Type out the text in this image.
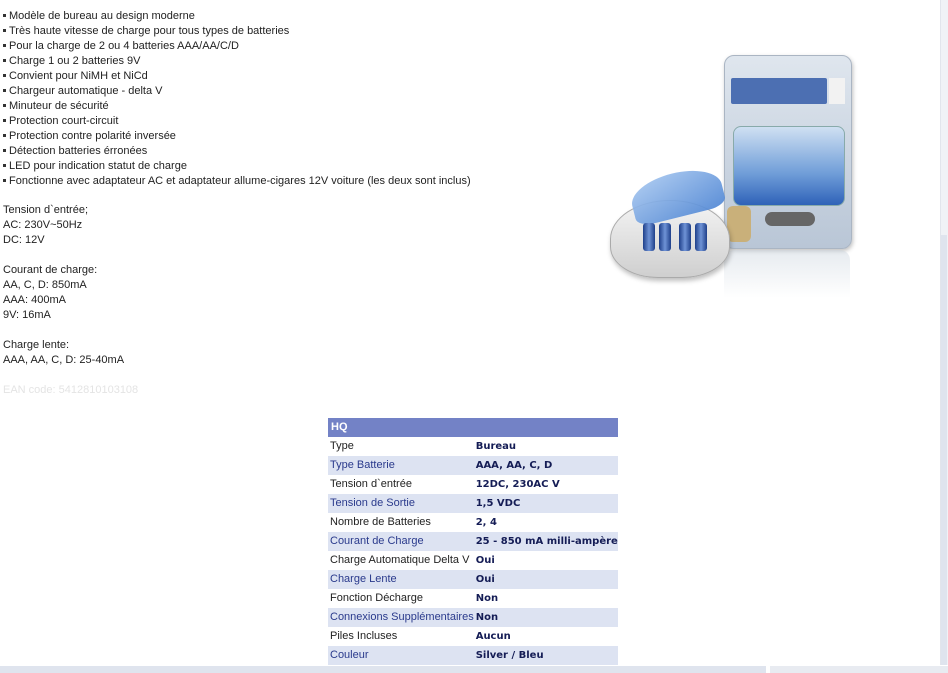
Modèle de bureau au design moderne
Très haute vitesse de charge pour tous types de batteries
Pour la charge de 2 ou 4 batteries AAA/AA/C/D
Charge 1 ou 2 batteries 9V
Convient pour NiMH et NiCd
Chargeur automatique - delta V
Minuteur de sécurité
Protection court-circuit
Protection contre polarité inversée
Détection batteries érronées
LED pour indication statut de charge
Fonctionne avec adaptateur AC et adaptateur allume-cigares 12V voiture (les deux sont inclus)
Tension d`entrée;
AC: 230V~50Hz
DC: 12V
Courant de charge:
AA, C, D: 850mA
AAA: 400mA
9V: 16mA
Charge lente:
AAA, AA, C, D: 25-40mA
EAN code: 5412810103108
HQ	
Type	Bureau
Type Batterie	AAA, AA, C, D
Tension d`entrée	12DC, 230AC V
Tension de Sortie	1,5 VDC
Nombre de Batteries	2, 4
Courant de Charge	25 - 850 mA milli-ampère
Charge Automatique Delta V	Oui
Charge Lente	Oui
Fonction Décharge	Non
Connexions Supplémentaires	Non
Piles Incluses	Aucun
Couleur	Silver / Bleu
